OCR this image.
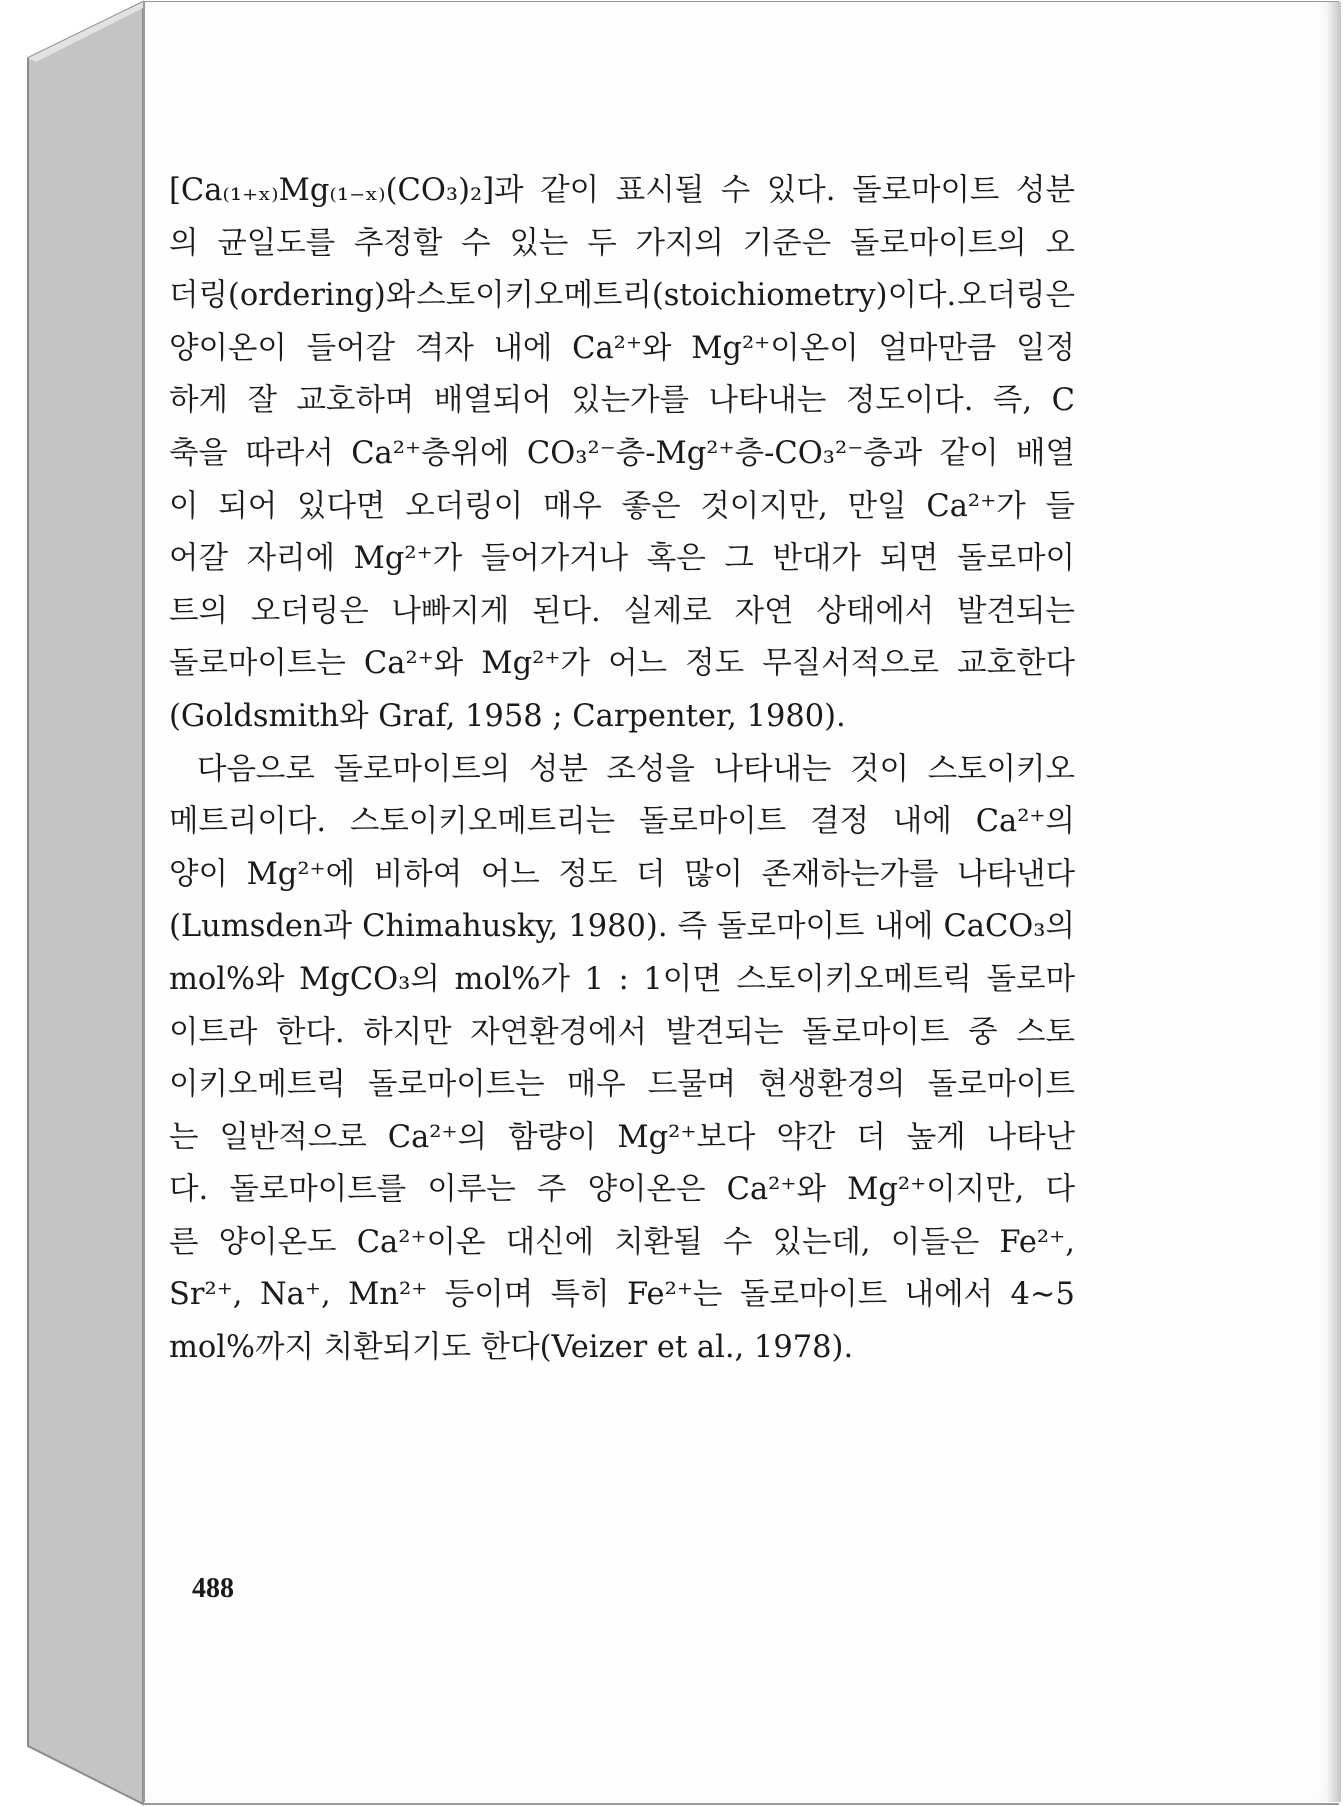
[Ca₍₁₊ₓ₎Mg₍₁₋ₓ₎(CO₃)₂]과 같이 표시될 수 있다. 돌로마이트 성분
의 균일도를 추정할 수 있는 두 가지의 기준은 돌로마이트의 오
더링(ordering)와 스토이키오메트리(stoichiometry)이다. 오더링은
양이온이 들어갈 격자 내에 Ca²⁺와 Mg²⁺이온이 얼마만큼 일정
하게 잘 교호하며 배열되어 있는가를 나타내는 정도이다. 즉, C
축을 따라서 Ca²⁺층위에 CO₃²⁻층-Mg²⁺층-CO₃²⁻층과 같이 배열
이 되어 있다면 오더링이 매우 좋은 것이지만, 만일 Ca²⁺가 들
어갈 자리에 Mg²⁺가 들어가거나 혹은 그 반대가 되면 돌로마이
트의 오더링은 나빠지게 된다. 실제로 자연 상태에서 발견되는
돌로마이트는 Ca²⁺와 Mg²⁺가 어느 정도 무질서적으로 교호한다
(Goldsmith와 Graf, 1958 ; Carpenter, 1980).
다음으로 돌로마이트의 성분 조성을 나타내는 것이 스토이키오
메트리이다. 스토이키오메트리는 돌로마이트 결정 내에 Ca²⁺의
양이 Mg²⁺에 비하여 어느 정도 더 많이 존재하는가를 나타낸다
(Lumsden과 Chimahusky, 1980). 즉 돌로마이트 내에 CaCO₃의
mol%와 MgCO₃의 mol%가 1 : 1이면 스토이키오메트릭 돌로마
이트라 한다. 하지만 자연환경에서 발견되는 돌로마이트 중 스토
이키오메트릭 돌로마이트는 매우 드물며 현생환경의 돌로마이트
는 일반적으로 Ca²⁺의 함량이 Mg²⁺보다 약간 더 높게 나타난
다. 돌로마이트를 이루는 주 양이온은 Ca²⁺와 Mg²⁺이지만, 다
른 양이온도 Ca²⁺이온 대신에 치환될 수 있는데, 이들은 Fe²⁺,
Sr²⁺, Na⁺, Mn²⁺ 등이며 특히 Fe²⁺는 돌로마이트 내에서 4∼5
mol%까지 치환되기도 한다(Veizer et al., 1978).
488
